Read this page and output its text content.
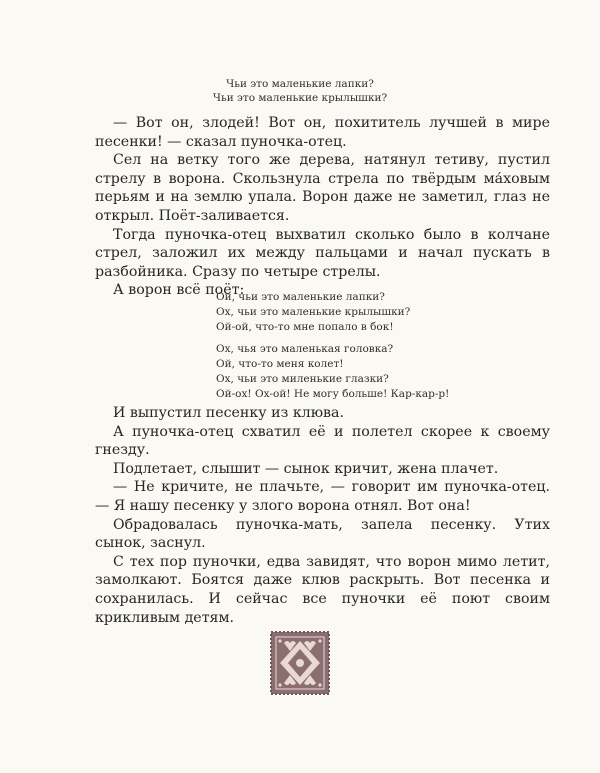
Чьи это маленькие лапки?
Чьи это маленькие крылышки?

— Вот он, злодей! Вот он, похититель лучшей в мире песенки! — сказал пуночка-отец.

Сел на ветку того же дерева, натянул тетиву, пустил стрелу в ворона. Скользнула стрела по твёрдым ма́ховым перьям и на землю упала. Ворон даже не заметил, глаз не открыл. Поёт-заливается.

Тогда пуночка-отец выхватил сколько было в колчане стрел, заложил их между пальцами и начал пускать в разбойника. Сразу по четыре стрелы.

А ворон всё поёт:

Ой, чьи это маленькие лапки?
Ох, чьи это маленькие крылышки?
Ой-ой, что-то мне попало в бок!
Ох, чья это маленькая головка?
Ой, что-то меня колет!
Ох, чьи это миленькие глазки?
Ой-ох! Ох-ой! Не могу больше! Кар-кар-р!

И выпустил песенку из клюва.

А пуночка-отец схватил её и полетел скорее к своему гнезду.

Подлетает, слышит — сынок кричит, жена плачет.

— Не кричите, не плачьте, — говорит им пуночка-отец. — Я нашу песенку у злого ворона отнял. Вот она!

Обрадовалась пуночка-мать, запела песенку. Утих сынок, заснул.

С тех пор пуночки, едва завидят, что ворон мимо летит, замолкают. Боятся даже клюв раскрыть. Вот песенка и сохранилась. И сейчас все пуночки её поют своим крикливым детям.
